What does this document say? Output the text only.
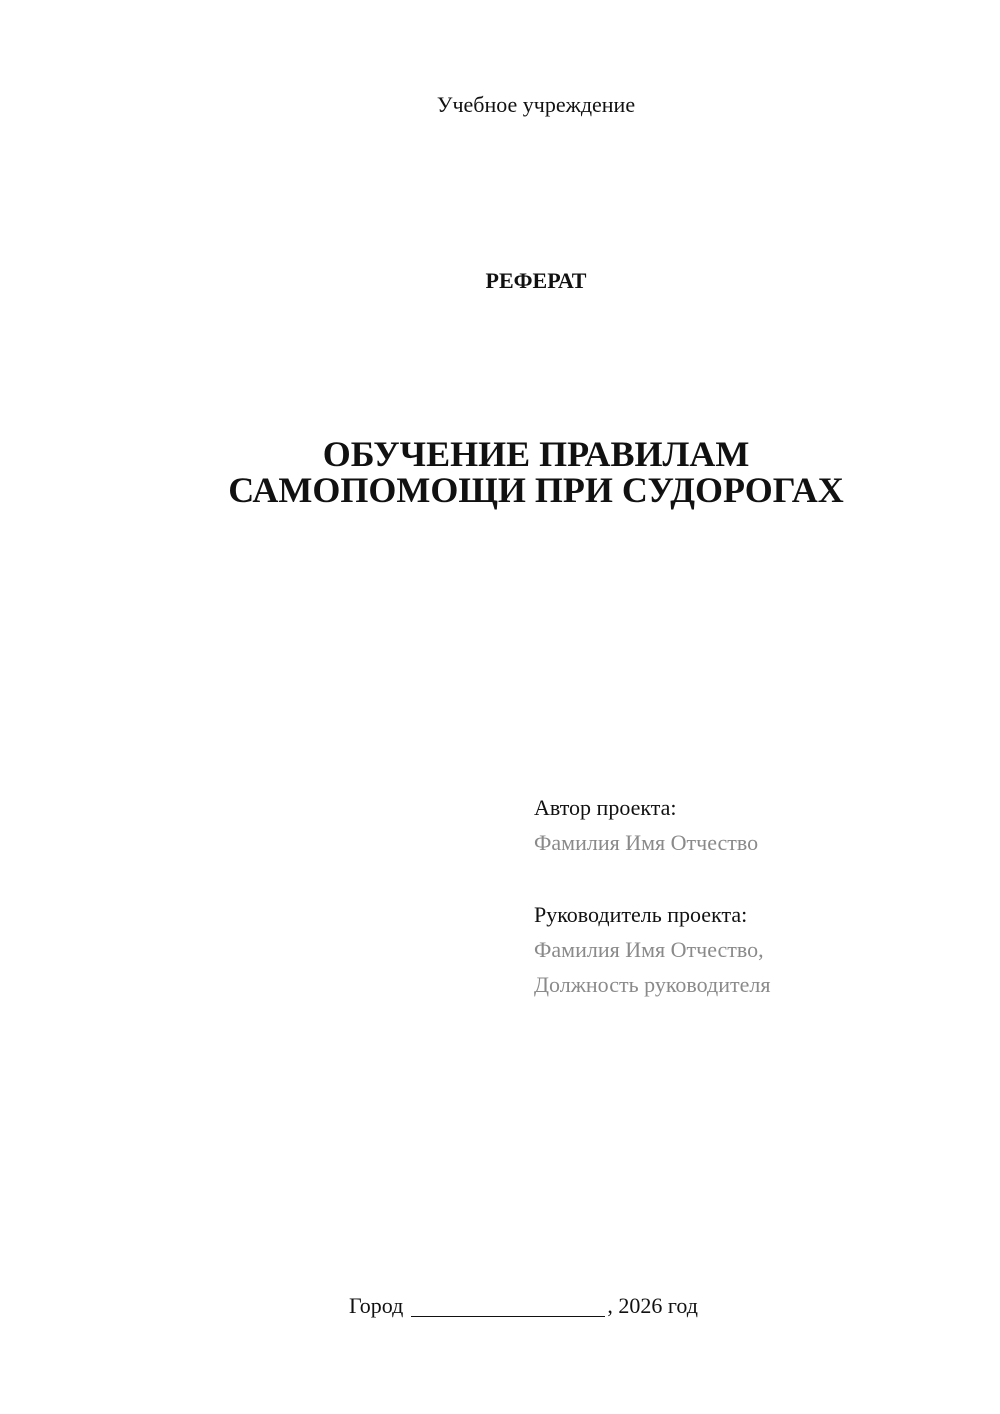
Учебное учреждение
РЕФЕРАТ
ОБУЧЕНИЕ ПРАВИЛАМ
САМОПОМОЩИ ПРИ СУДОРОГАХ
Автор проекта:
Фамилия Имя Отчество
Руководитель проекта:
Фамилия Имя Отчество,
Должность руководителя
Город	, 2026 год
